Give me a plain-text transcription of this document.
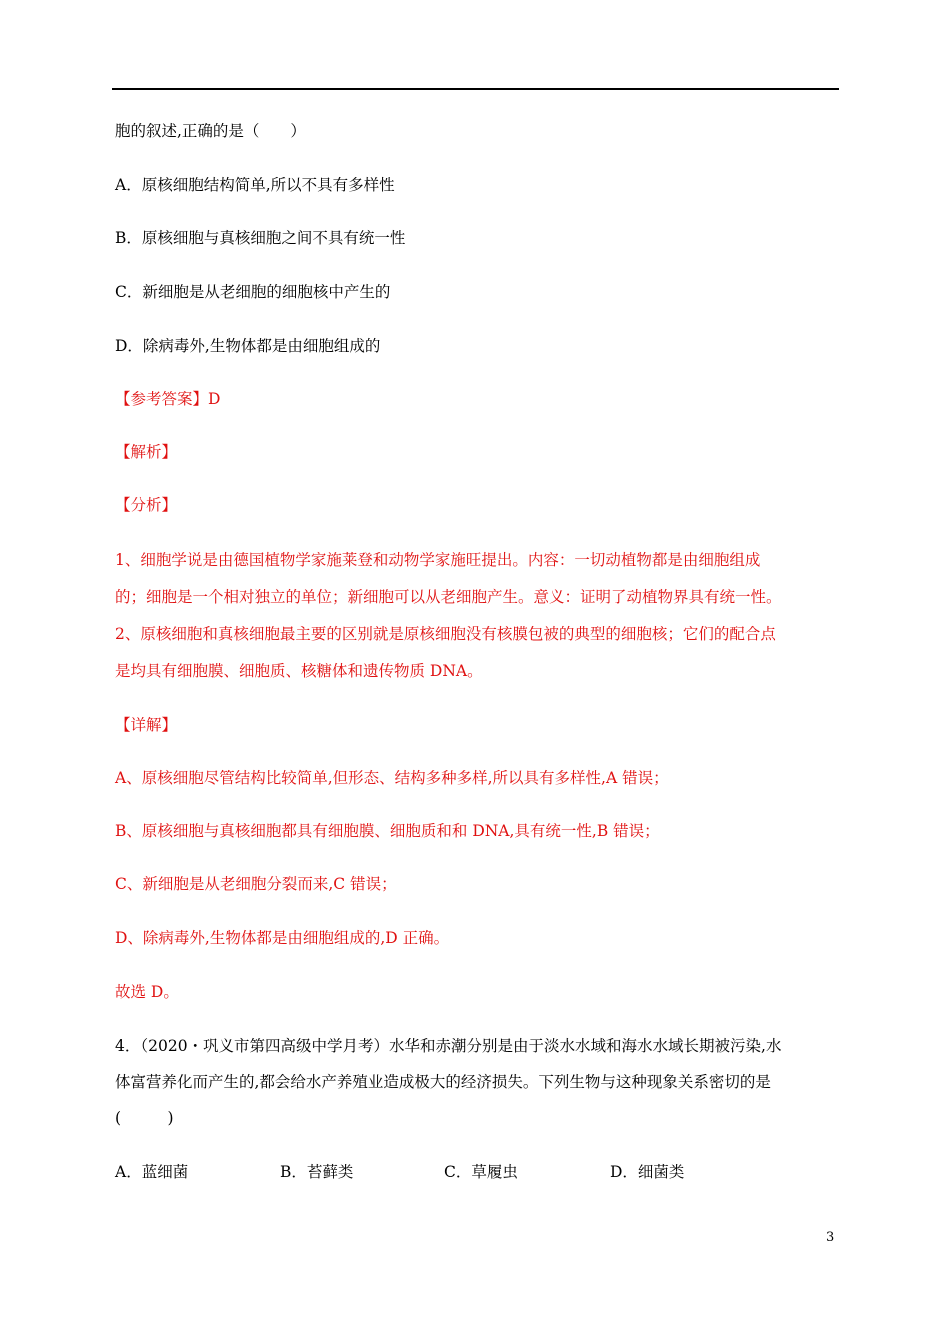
胞的叙述,正确的是（　　）
A．原核细胞结构简单,所以不具有多样性
B．原核细胞与真核细胞之间不具有统一性
C．新细胞是从老细胞的细胞核中产生的
D．除病毒外,生物体都是由细胞组成的
【参考答案】D
【解析】
【分析】
1、细胞学说是由德国植物学家施莱登和动物学家施旺提出。内容：一切动植物都是由细胞组成
的；细胞是一个相对独立的单位；新细胞可以从老细胞产生。意义：证明了动植物界具有统一性。
2、原核细胞和真核细胞最主要的区别就是原核细胞没有核膜包被的典型的细胞核；它们的配合点
是均具有细胞膜、细胞质、核糖体和遗传物质 DNA。
【详解】
A、原核细胞尽管结构比较简单,但形态、结构多种多样,所以具有多样性,A 错误；
B、原核细胞与真核细胞都具有细胞膜、细胞质和和 DNA,具有统一性,B 错误；
C、新细胞是从老细胞分裂而来,C 错误；
D、除病毒外,生物体都是由细胞组成的,D 正确。
故选 D。
4．（2020・巩义市第四高级中学月考）水华和赤潮分别是由于淡水水域和海水水域长期被污染,水
体富营养化而产生的,都会给水产养殖业造成极大的经济损失。下列生物与这种现象关系密切的是
(　　　)
A．蓝细菌	B．苔藓类	C．草履虫	D．细菌类
3
